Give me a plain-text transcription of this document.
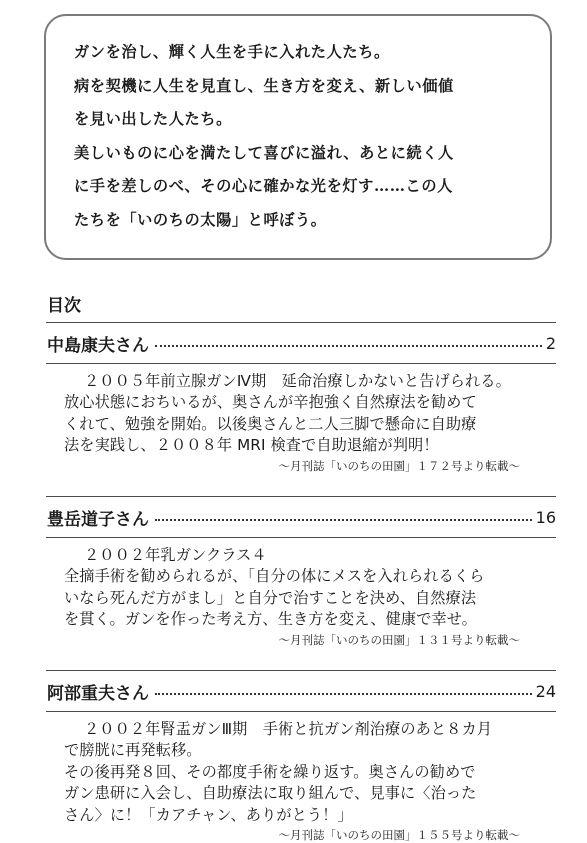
ガンを治し、輝く人生を手に入れた人たち。
病を契機に人生を見直し、生き方を変え、新しい価値
を見い出した人たち。
美しいものに心を満たして喜びに溢れ、あとに続く人
に手を差しのべ、その心に確かな光を灯す……この人
たちを「いのちの太陽」と呼ぼう。
目次
中島康夫さん	2
２００５年前立腺ガンⅣ期　延命治療しかないと告げられる。
放心状態におちいるが、奥さんが辛抱強く自然療法を勧めて
くれて、勉強を開始。以後奥さんと二人三脚で懸命に自助療
法を実践し、２００８年 MRI 検査で自助退縮が判明！
～月刊誌「いのちの田園」１７２号より転載～
豊岳道子さん	16
２００２年乳ガンクラス４
全摘手術を勧められるが、「自分の体にメスを入れられるくら
いなら死んだ方がまし」と自分で治すことを決め、自然療法
を貫く。ガンを作った考え方、生き方を変え、健康で幸せ。
～月刊誌「いのちの田園」１３１号より転載～
阿部重夫さん	24
２００２年腎盂ガンⅢ期　手術と抗ガン剤治療のあと８カ月
で膀胱に再発転移。
その後再発８回、その都度手術を繰り返す。奥さんの勧めで
ガン患研に入会し、自助療法に取り組んで、見事に〈治った
さん〉に！「カアチャン、ありがとう！」
～月刊誌「いのちの田園」１５５号より転載～
